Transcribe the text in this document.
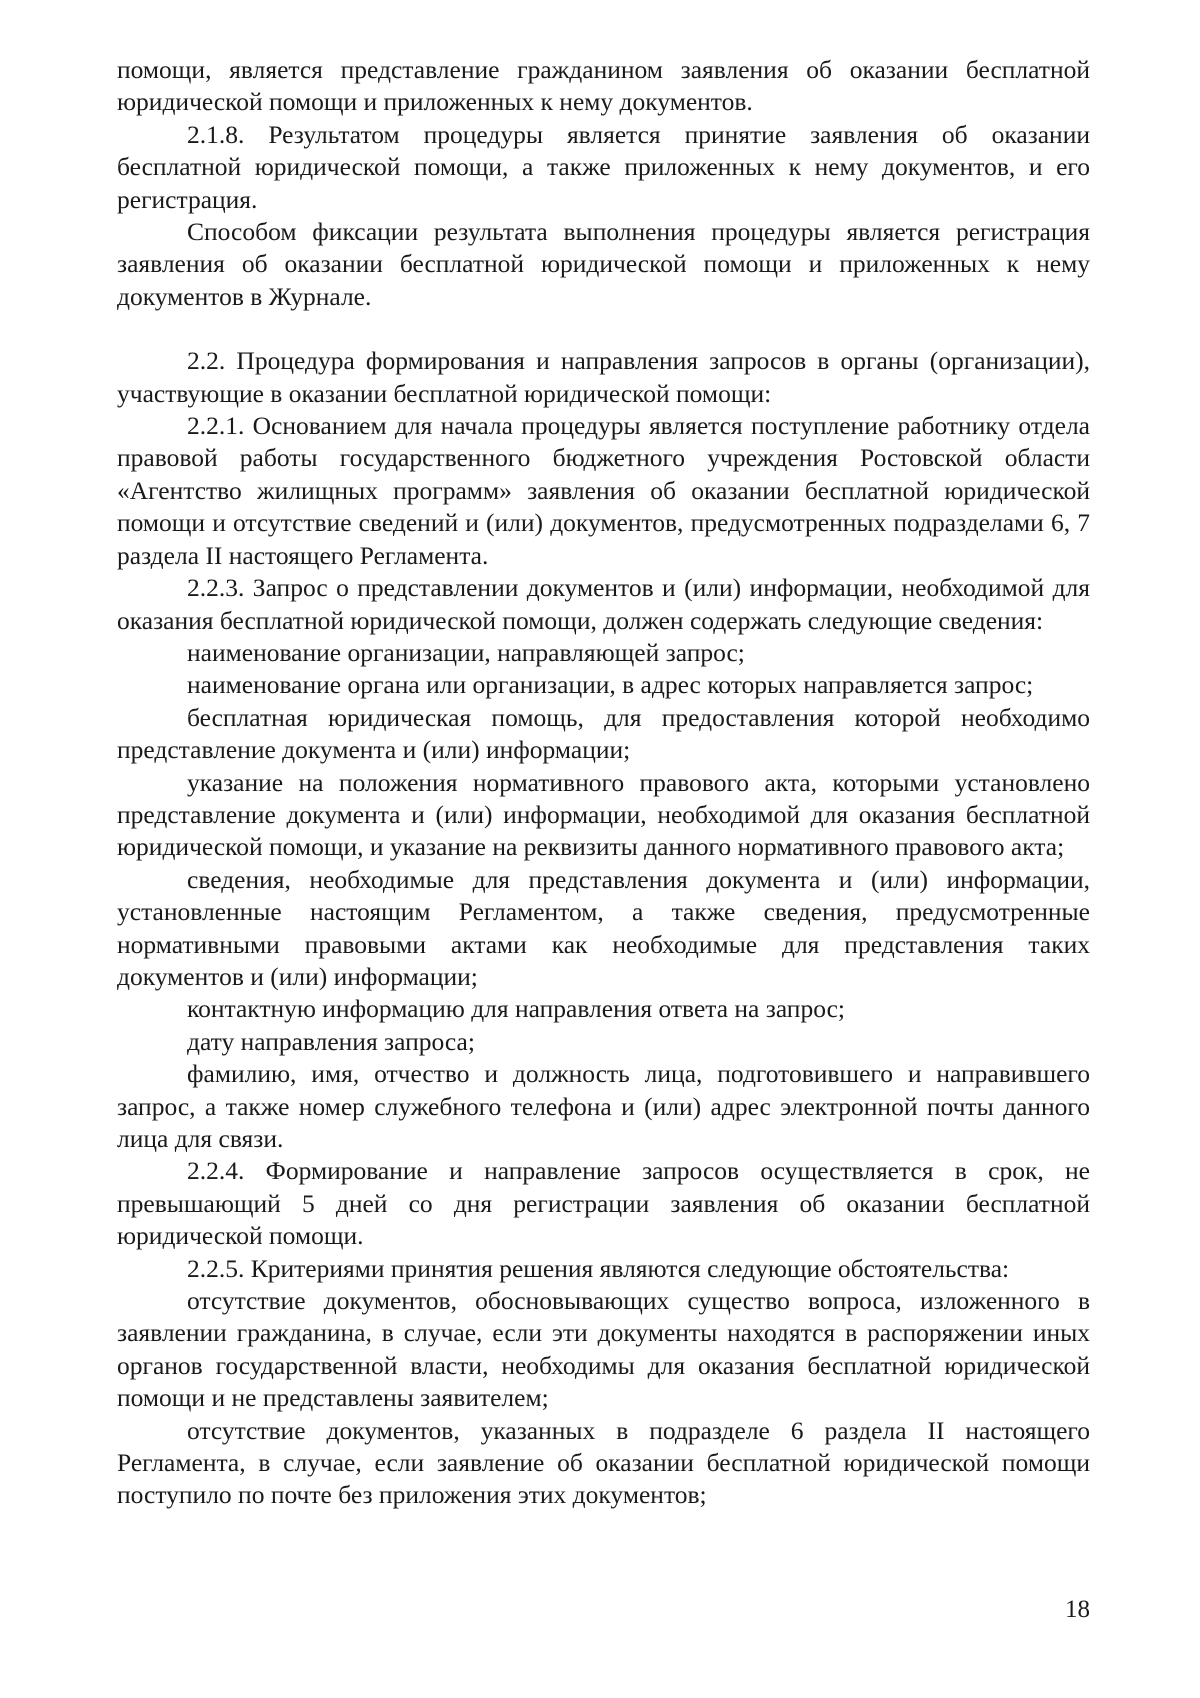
помощи, является представление гражданином заявления об оказании бесплатной юридической помощи и приложенных к нему документов.

2.1.8. Результатом процедуры является принятие заявления об оказании бесплатной юридической помощи, а также приложенных к нему документов, и его регистрация.

Способом фиксации результата выполнения процедуры является регистрация заявления об оказании бесплатной юридической помощи и приложенных к нему документов в Журнале.

2.2. Процедура формирования и направления запросов в органы (организации), участвующие в оказании бесплатной юридической помощи:

2.2.1. Основанием для начала процедуры является поступление работнику отдела правовой работы государственного бюджетного учреждения Ростовской области «Агентство жилищных программ» заявления об оказании бесплатной юридической помощи и отсутствие сведений и (или) документов, предусмотренных подразделами 6, 7 раздела II настоящего Регламента.

2.2.3. Запрос о представлении документов и (или) информации, необходимой для оказания бесплатной юридической помощи, должен содержать следующие сведения:

наименование организации, направляющей запрос;

наименование органа или организации, в адрес которых направляется запрос;

бесплатная юридическая помощь, для предоставления которой необходимо представление документа и (или) информации;

указание на положения нормативного правового акта, которыми установлено представление документа и (или) информации, необходимой для оказания бесплатной юридической помощи, и указание на реквизиты данного нормативного правового акта;

сведения, необходимые для представления документа и (или) информации, установленные настоящим Регламентом, а также сведения, предусмотренные нормативными правовыми актами как необходимые для представления таких документов и (или) информации;

контактную информацию для направления ответа на запрос;

дату направления запроса;

фамилию, имя, отчество и должность лица, подготовившего и направившего запрос, а также номер служебного телефона и (или) адрес электронной почты данного лица для связи.

2.2.4. Формирование и направление запросов осуществляется в срок, не превышающий 5 дней со дня регистрации заявления об оказании бесплатной юридической помощи.

2.2.5. Критериями принятия решения являются следующие обстоятельства:

отсутствие документов, обосновывающих существо вопроса, изложенного в заявлении гражданина, в случае, если эти документы находятся в распоряжении иных органов государственной власти, необходимы для оказания бесплатной юридической помощи и не представлены заявителем;

отсутствие документов, указанных в подразделе 6 раздела II настоящего Регламента, в случае, если заявление об оказании бесплатной юридической помощи поступило по почте без приложения этих документов;

18
